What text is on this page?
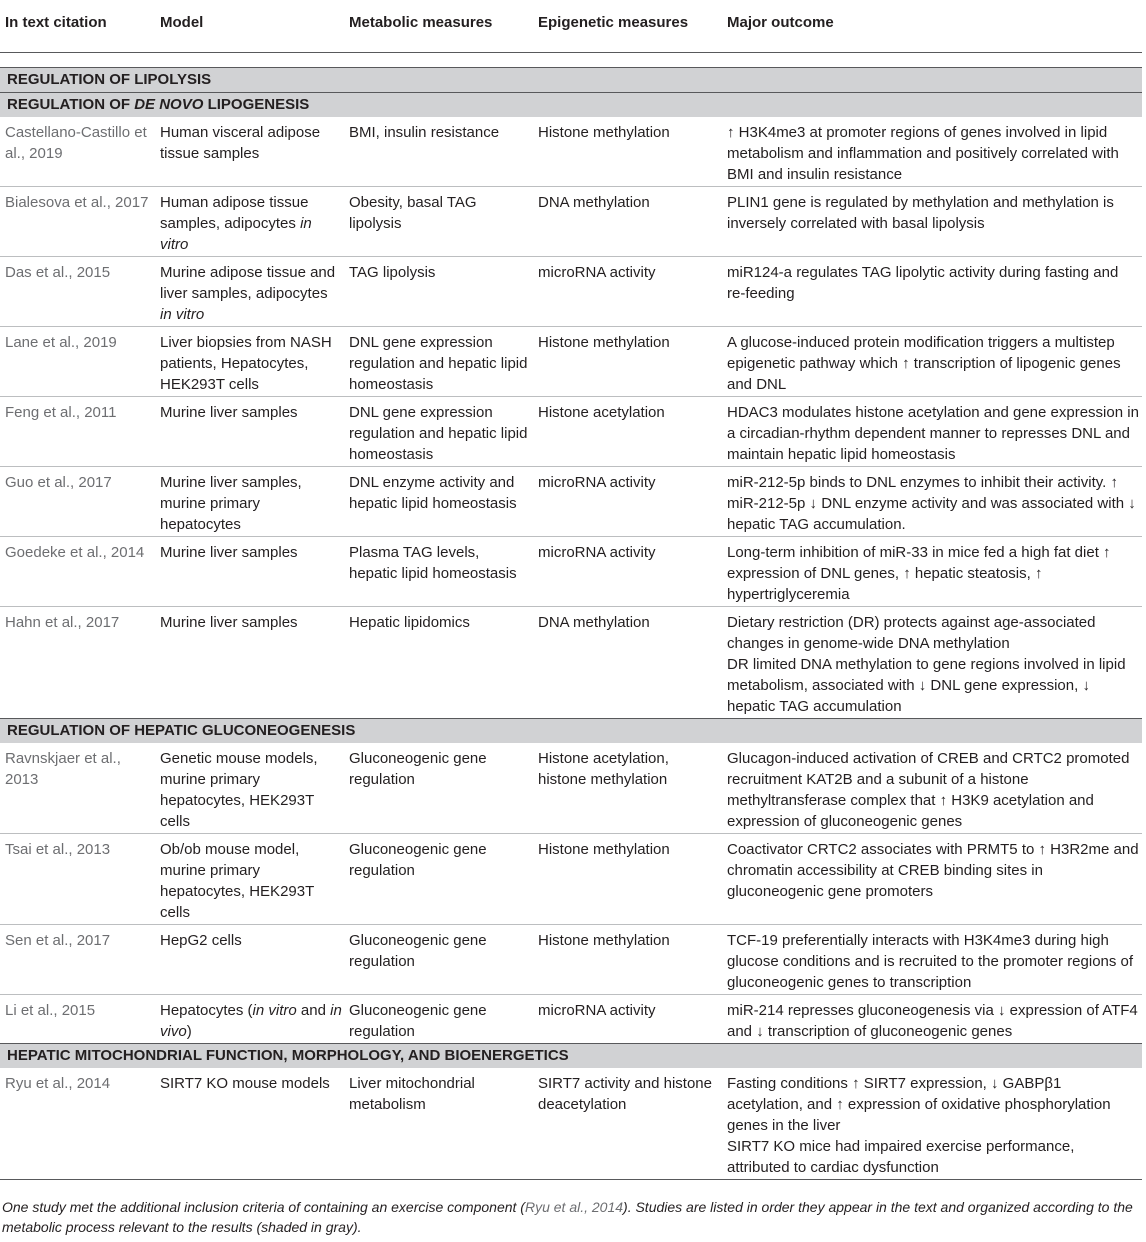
In text citation	Model	Metabolic measures	Epigenetic measures	Major outcome

REGULATION OF LIPOLYSIS				
REGULATION OF DE NOVO LIPOGENESIS				
Castellano-Castillo et al., 2019	Human visceral adipose tissue samples	BMI, insulin resistance	Histone methylation	↑ H3K4me3 at promoter regions of genes involved in lipid metabolism and inflammation and positively correlated with BMI and insulin resistance
Bialesova et al., 2017	Human adipose tissue samples, adipocytes in vitro	Obesity, basal TAG lipolysis	DNA methylation	PLIN1 gene is regulated by methylation and methylation is inversely correlated with basal lipolysis
Das et al., 2015	Murine adipose tissue and liver samples, adipocytes in vitro	TAG lipolysis	microRNA activity	miR124-a regulates TAG lipolytic activity during fasting and re-feeding
Lane et al., 2019	Liver biopsies from NASH patients, Hepatocytes, HEK293T cells	DNL gene expression regulation and hepatic lipid homeostasis	Histone methylation	A glucose-induced protein modification triggers a multistep epigenetic pathway which ↑ transcription of lipogenic genes and DNL
Feng et al., 2011	Murine liver samples	DNL gene expression regulation and hepatic lipid homeostasis	Histone acetylation	HDAC3 modulates histone acetylation and gene expression in a circadian-rhythm dependent manner to represses DNL and maintain hepatic lipid homeostasis
Guo et al., 2017	Murine liver samples, murine primary hepatocytes	DNL enzyme activity and hepatic lipid homeostasis	microRNA activity	miR-212-5p binds to DNL enzymes to inhibit their activity. ↑ miR-212-5p ↓ DNL enzyme activity and was associated with ↓ hepatic TAG accumulation.
Goedeke et al., 2014	Murine liver samples	Plasma TAG levels, hepatic lipid homeostasis	microRNA activity	Long-term inhibition of miR-33 in mice fed a high fat diet ↑ expression of DNL genes, ↑ hepatic steatosis, ↑ hypertriglyceremia
Hahn et al., 2017	Murine liver samples	Hepatic lipidomics	DNA methylation	Dietary restriction (DR) protects against age-associated changes in genome-wide DNA methylation
DR limited DNA methylation to gene regions involved in lipid metabolism, associated with ↓ DNL gene expression, ↓ hepatic TAG accumulation

REGULATION OF HEPATIC GLUCONEOGENESIS				
Ravnskjaer et al., 2013	Genetic mouse models, murine primary hepatocytes, HEK293T cells	Gluconeogenic gene regulation	Histone acetylation, histone methylation	Glucagon-induced activation of CREB and CRTC2 promoted recruitment KAT2B and a subunit of a histone methyltransferase complex that ↑ H3K9 acetylation and expression of gluconeogenic genes
Tsai et al., 2013	Ob/ob mouse model, murine primary hepatocytes, HEK293T cells	Gluconeogenic gene regulation	Histone methylation	Coactivator CRTC2 associates with PRMT5 to ↑ H3R2me and chromatin accessibility at CREB binding sites in gluconeogenic gene promoters
Sen et al., 2017	HepG2 cells	Gluconeogenic gene regulation	Histone methylation	TCF-19 preferentially interacts with H3K4me3 during high glucose conditions and is recruited to the promoter regions of gluconeogenic genes to transcription
Li et al., 2015	Hepatocytes (in vitro and in vivo)	Gluconeogenic gene regulation	microRNA activity	miR-214 represses gluconeogenesis via ↓ expression of ATF4 and ↓ transcription of gluconeogenic genes
HEPATIC MITOCHONDRIAL FUNCTION, MORPHOLOGY, AND BIOENERGETICS				
Ryu et al., 2014	SIRT7 KO mouse models	Liver mitochondrial metabolism	SIRT7 activity and histone deacetylation	Fasting conditions ↑ SIRT7 expression, ↓ GABPβ1 acetylation, and ↑ expression of oxidative phosphorylation genes in the liver
SIRT7 KO mice had impaired exercise performance, attributed to cardiac dysfunction
One study met the additional inclusion criteria of containing an exercise component (Ryu et al., 2014). Studies are listed in order they appear in the text and organized according to the metabolic process relevant to the results (shaded in gray).
